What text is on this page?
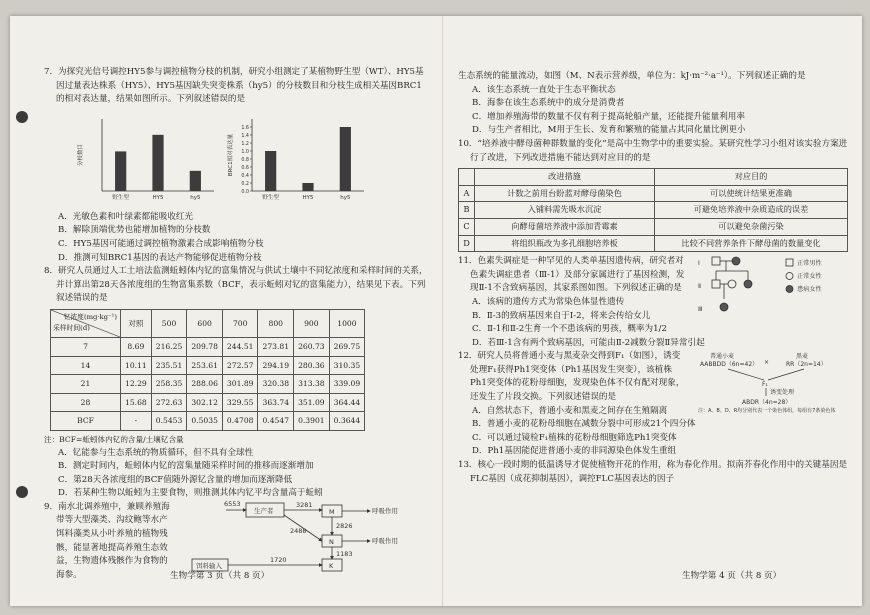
7．为探究光信号调控HY5参与调控植物分枝的机制，研究小组测定了某植物野生型（WT）、HY5基因过量表达株系（HY5）、HY5基因缺失突变株系（hy5）的分枝数目和分枝生成相关基因BRC1的相对表达量，结果如图所示。下列叙述错误的是

分枝数目
野生型	HY5	hy5
BRC1相对表达量
0.0
0.2
0.4
0.6
0.8
1.0
1.2
1.4
1.6
野生型	HY5	hy5

A．光敏色素和叶绿素都能吸收红光

B．解除顶端优势也能增加植物的分枝数

C．HY5基因可能通过调控植物激素合成影响植物分枝

D．推测可知BRC1基因的表达产物能够促进植物分枝

8．研究人员通过人工土培法监测蚯蚓体内钇的富集情况与供试土壤中不同钇浓度和采样时间的关系，并计算出第28天各浓度组的生物富集系数（BCF，表示蚯蚓对钇的富集能力），结果见下表。下列叙述错误的是

钇浓度(mg·kg⁻¹)
采样时间(d)	对照	500	600	700	800	900	1000
7	8.69	216.25	209.78	244.51	273.81	260.73	269.75
14	10.11	235.51	253.61	272.57	294.19	280.36	310.35
21	12.29	258.35	288.06	301.89	320.38	313.38	339.09
28	15.68	272.63	302.12	329.55	363.74	351.09	364.44
BCF	-	0.5453	0.5035	0.4708	0.4547	0.3901	0.3644

注：BCF=蚯蚓体内钇的含量/土壤钇含量

A．钇能参与生态系统的物质循环，但不具有全球性

B．测定时间内，蚯蚓体内钇的富集量随采样时间的推移而逐渐增加

C．第28天各浓度组的BCF值随外源钇含量的增加而逐渐降低

D．若某种生物以蚯蚓为主要食物，则推测其体内钇平均含量高于蚯蚓

9．南水北调养殖中，兼顾养殖海带等大型藻类、沟纹鲍等水产饵料藻类从小叶养殖的植物残骸，能显著地提高养殖生态效益，生物遗体残骸作为食物的海参。

生产者	M
N
K
饵料输入
6553	3281
2826
1720
2488
1183
呼吸作用
呼吸作用

生态系统的能量流动，如图（M、N表示营养级，单位为：kJ·m⁻²·a⁻¹）。下列叙述正确的是

A．该生态系统一直处于生态平衡状态

B．海参在该生态系统中的成分是消费者

C．增加养殖海带的数量不仅有利于提高轮船产量，还能提升能量利用率

D．与生产者相比，M用于生长、发育和繁殖的能量占其同化量比例更小

10．“培养液中酵母菌种群数量的变化”是高中生物学中的重要实验。某研究性学习小组对该实验方案进行了改进，下列改进措施不能达到对应目的的是

	改进措施	对应目的
A	计数之前用台盼蓝对酵母菌染色	可以使统计结果更准确
B	入铺料需先吸水沉淀	可避免培养液中杂质造成的误差
C	向酵母菌培养液中添加青霉素	可以避免杂菌污染
D	将组织瓶改为多孔细胞培养板	比较不同营养条件下酵母菌的数量变化

11．色素失调症是一种罕见的人类单基因遗传病，研究者对色素失调症患者（Ⅲ-1）及部分家属进行了基因检测，发现Ⅱ-1不含致病基因，其家系图如图。下列叙述正确的是

Ⅰ
Ⅱ
Ⅲ
正常男性
正常女性
患病女性

A．该病的遗传方式为常染色体显性遗传

B．Ⅱ-3的致病基因来自于Ⅰ-2，将来会传给女儿

C．Ⅱ-1和Ⅱ-2生育一个不患该病的男孩，概率为1/2

D．若Ⅲ-1含有两个致病基因，可能由Ⅱ-2减数分裂Ⅱ异常引起

12．研究人员将普通小麦与黑麦杂交得到F₁（如图），诱变处理F₁获得Ph1突变体（Ph1基因发生突变），该植株Ph1突变体的花粉母细胞，发现染色体不仅有配对现象，还发生了片段交换。下列叙述错误的是

普通小麦
AABBDD（6n=42） ×
黑麦
RR（2n=14）
F₁
诱变处理
ABDR（4n=28）
注：A、B、D、R均分别代表一个染色体组，每组有7条染色体

A．自然状态下，普通小麦和黑麦之间存在生殖隔离

B．普通小麦的花粉母细胞在减数分裂中可形成21个四分体

C．可以通过镜检F₁植株的花粉母细胞筛选Ph1突变体

D．Ph1基因能促进普通小麦的非同源染色体发生重组

13．核心一段时期的低温诱导才促使植物开花的作用，称为春化作用。拟南芥春化作用中的关键基因是FLC基因（成花抑制基因），调控FLC基因表达的因子

生物学第 3 页（共 8 页）	生物学第 4 页（共 8 页）
